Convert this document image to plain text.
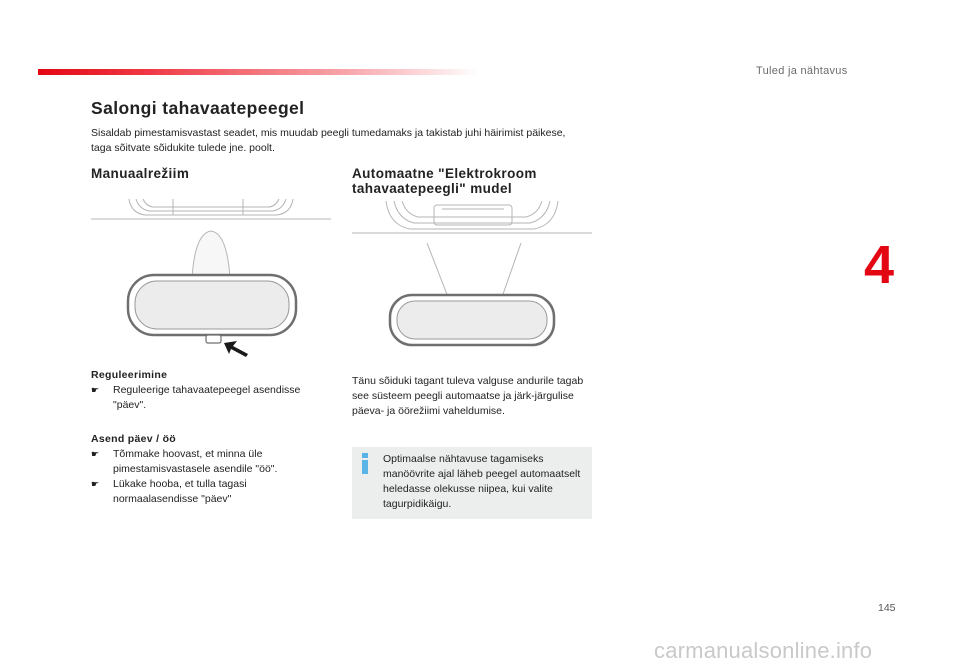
Tuled ja nähtavus
4
Salongi tahavaatepeegel

Sisaldab pimestamisvastast seadet, mis muudab peegli tumedamaks ja takistab juhi häirimist päikese, taga sõitvate sõidukite tulede jne. poolt.

Manuaalrežiim	Automaatne "Elektrokroom tahavaatepeegli" mudel
Reguleerimine
☛ Reguleerige tahavaatepeegel asendisse "päev".
Asend päev / öö
☛ Tõmmake hoovast, et minna üle pimestamisvastasele asendile "öö".
☛ Lükake hooba, et tulla tagasi normaalasendisse "päev"

Tänu sõiduki tagant tuleva valguse andurile tagab see süsteem peegli automaatse ja järk-järgulise päeva- ja öörežiimi vaheldumise.

Optimaalse nähtavuse tagamiseks manöövrite ajal läheb peegel automaatselt heledasse olekusse niipea, kui valite tagurpidikäigu.

145
carmanualsonline.info
